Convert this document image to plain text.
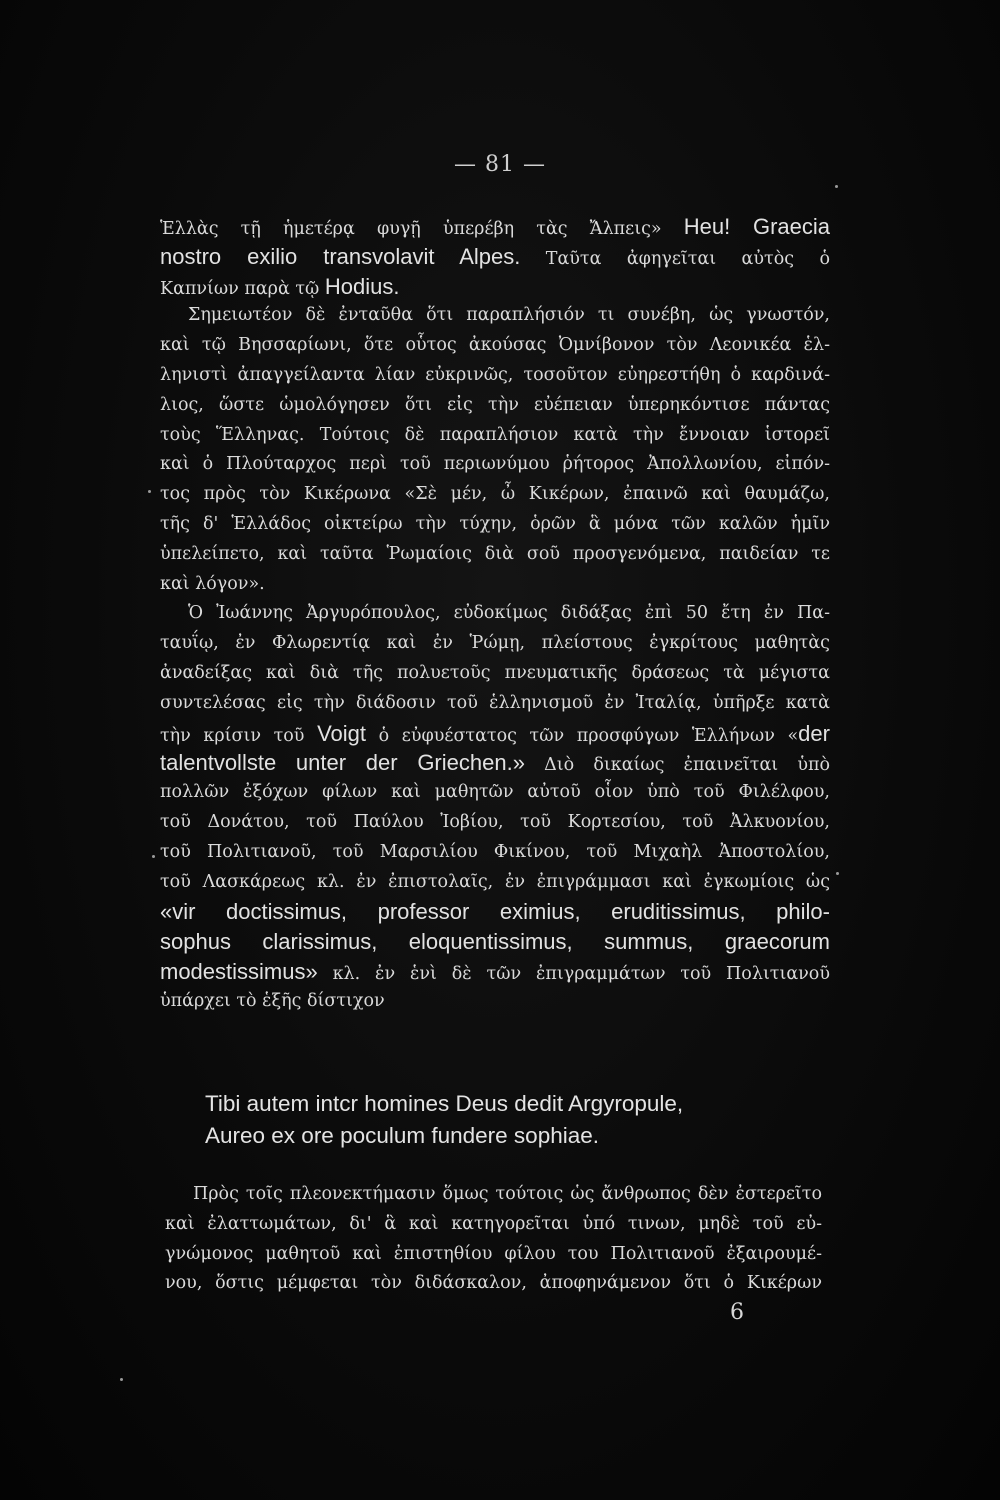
— 81 —
Ἑλλὰς τῇ ἡμετέρᾳ φυγῇ ὑπερέβη τὰς Ἄλπεις» Heu! Graecia
nostro exilio transvolavit Alpes. Ταῦτα ἀφηγεῖται αὐτὸς ὁ
Καπνίων παρὰ τῷ Hodius.
Σημειωτέον δὲ ἐνταῦθα ὅτι παραπλήσιόν τι συνέβη, ὡς γνωστόν,
καὶ τῷ Βησσαρίωνι, ὅτε οὗτος ἀκούσας Ὀμνίβονον τὸν Λεονικέα ἑλ-
ληνιστὶ ἀπαγγείλαντα λίαν εὐκρινῶς, τοσοῦτον εὐηρεστήθη ὁ καρδινά-
λιος, ὥστε ὡμολόγησεν ὅτι εἰς τὴν εὐέπειαν ὑπερηκόντισε πάντας
τοὺς Ἕλληνας. Τούτοις δὲ παραπλήσιον κατὰ τὴν ἔννοιαν ἱστορεῖ
καὶ ὁ Πλούταρχος περὶ τοῦ περιωνύμου ῥήτορος Ἀπολλωνίου, εἰπόν-
τος πρὸς τὸν Κικέρωνα «Σὲ μέν, ὦ Κικέρων, ἐπαινῶ καὶ θαυμάζω,
τῆς δ' Ἑλλάδος οἰκτείρω τὴν τύχην, ὁρῶν ἃ μόνα τῶν καλῶν ἡμῖν
ὑπελείπετο, καὶ ταῦτα Ῥωμαίοις διὰ σοῦ προσγενόμενα, παιδείαν τε
καὶ λόγον».
Ὁ Ἰωάννης Ἀργυρόπουλος, εὐδοκίμως διδάξας ἐπὶ 50 ἔτη ἐν Πα-
ταυΐῳ, ἐν Φλωρεντίᾳ καὶ ἐν Ῥώμῃ, πλείστους ἐγκρίτους μαθητὰς
ἀναδείξας καὶ διὰ τῆς πολυετοῦς πνευματικῆς δράσεως τὰ μέγιστα
συντελέσας εἰς τὴν διάδοσιν τοῦ ἑλληνισμοῦ ἐν Ἰταλίᾳ, ὑπῆρξε κατὰ
τὴν κρίσιν τοῦ Voigt ὁ εὐφυέστατος τῶν προσφύγων Ἑλλήνων «der
talentvollste unter der Griechen.» Διὸ δικαίως ἐπαινεῖται ὑπὸ
πολλῶν ἐξόχων φίλων καὶ μαθητῶν αὐτοῦ οἷον ὑπὸ τοῦ Φιλέλφου,
τοῦ Δονάτου, τοῦ Παύλου Ἰοβίου, τοῦ Κορτεσίου, τοῦ Ἀλκυονίου,
τοῦ Πολιτιανοῦ, τοῦ Μαρσιλίου Φικίνου, τοῦ Μιχαὴλ Ἀποστολίου,
τοῦ Λασκάρεως κλ. ἐν ἐπιστολαῖς, ἐν ἐπιγράμμασι καὶ ἐγκωμίοις ὡς
«vir doctissimus, professor eximius, eruditissimus, philo-
sophus clarissimus, eloquentissimus, summus, graecorum
modestissimus» κλ. ἐν ἑνὶ δὲ τῶν ἐπιγραμμάτων τοῦ Πολιτιανοῦ
ὑπάρχει τὸ ἑξῆς δίστιχον
Tibi autem intcr homines Deus dedit Argyropule,
Aureo ex ore poculum fundere sophiae.
Πρὸς τοῖς πλεονεκτήμασιν ὅμως τούτοις ὡς ἄνθρωπος δὲν ἐστερεῖτο
καὶ ἐλαττωμάτων, δι' ἃ καὶ κατηγορεῖται ὑπό τινων, μηδὲ τοῦ εὐ-
γνώμονος μαθητοῦ καὶ ἐπιστηθίου φίλου του Πολιτιανοῦ ἐξαιρουμέ-
νου, ὅστις μέμφεται τὸν διδάσκαλον, ἀποφηνάμενον ὅτι ὁ Κικέρων
6
